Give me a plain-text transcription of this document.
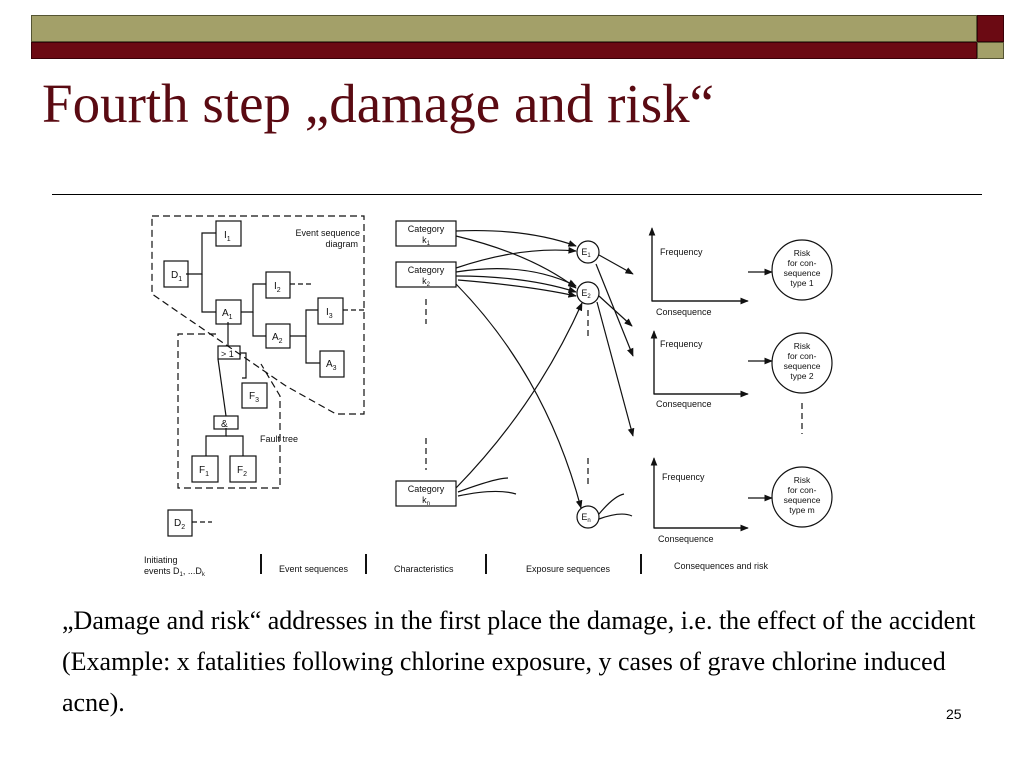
Fourth step „damage and risk“
$I_1$
$D_1$
$I_2$
$A_1$	$I_3$
$A_2$
$A_3$
> 1
$F_3$
&
$F_1$	$F_2$
$D_2$
Event sequence
diagram
Fault tree
Category
$k_1$
Category
$k_2$
Category
$k_n$
$E_1$
$E_2$
$E_n$
Frequency
Consequence
Frequency
Consequence
Frequency
Consequence
Risk
for con-
sequence
type 1
Risk
for con-
sequence
type 2
Risk
for con-
sequence
type m
Initiating
events $D_1$, $...D_k$
Event sequences	Characteristics	Exposure sequences	Consequences and risk

„Damage and risk“ addresses in the first place the damage, i.e. the effect of the accident (Example: x fatalities following chlorine exposure, y cases of grave chlorine induced acne).	25
